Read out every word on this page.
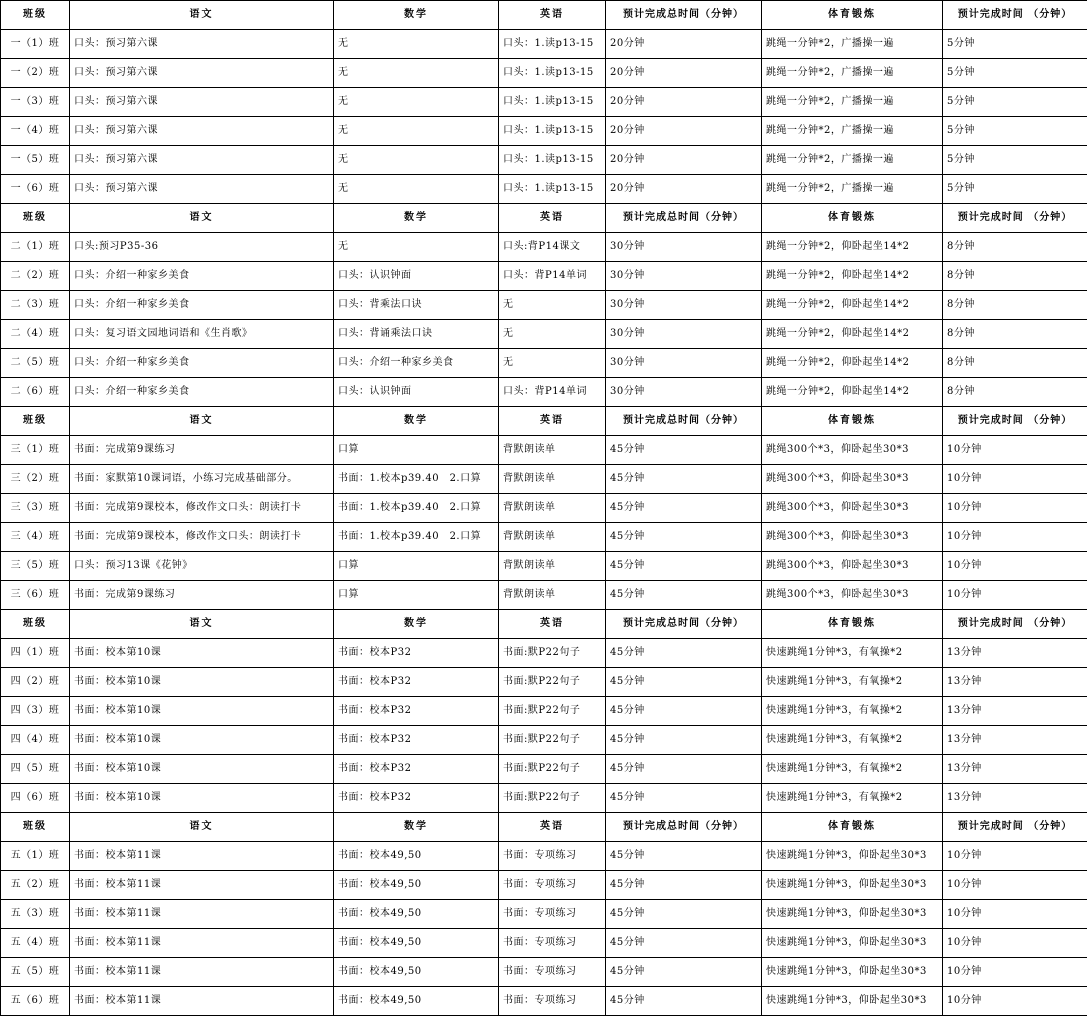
班级	语文	数学	英语	预计完成总时间（分钟）	体育锻炼	预计完成时间 （分钟）
一（1）班	口头：预习第六课	无	口头：1.读p13-15	20分钟	跳绳一分钟*2，广播操一遍	5分钟
一（2）班	口头：预习第六课	无	口头：1.读p13-15	20分钟	跳绳一分钟*2，广播操一遍	5分钟
一（3）班	口头：预习第六课	无	口头：1.读p13-15	20分钟	跳绳一分钟*2，广播操一遍	5分钟
一（4）班	口头：预习第六课	无	口头：1.读p13-15	20分钟	跳绳一分钟*2，广播操一遍	5分钟
一（5）班	口头：预习第六课	无	口头：1.读p13-15	20分钟	跳绳一分钟*2，广播操一遍	5分钟
一（6）班	口头：预习第六课	无	口头：1.读p13-15	20分钟	跳绳一分钟*2，广播操一遍	5分钟
班级	语文	数学	英语	预计完成总时间（分钟）	体育锻炼	预计完成时间 （分钟）
二（1）班	口头:预习P35-36	无	口头:背P14课文	30分钟	跳绳一分钟*2，仰卧起坐14*2	8分钟
二（2）班	口头：介绍一种家乡美食	口头：认识钟面	口头：背P14单词	30分钟	跳绳一分钟*2，仰卧起坐14*2	8分钟
二（3）班	口头：介绍一种家乡美食	口头：背乘法口诀	无	30分钟	跳绳一分钟*2，仰卧起坐14*2	8分钟
二（4）班	口头：复习语文园地词语和《生肖歌》	口头：背诵乘法口诀	无	30分钟	跳绳一分钟*2，仰卧起坐14*2	8分钟
二（5）班	口头：介绍一种家乡美食	口头：介绍一种家乡美食	无	30分钟	跳绳一分钟*2，仰卧起坐14*2	8分钟
二（6）班	口头：介绍一种家乡美食	口头：认识钟面	口头：背P14单词	30分钟	跳绳一分钟*2，仰卧起坐14*2	8分钟
班级	语文	数学	英语	预计完成总时间（分钟）	体育锻炼	预计完成时间 （分钟）
三（1）班	书面：完成第9课练习	口算	背默朗读单	45分钟	跳绳300个*3，仰卧起坐30*3	10分钟
三（2）班	书面：家默第10课词语，小练习完成基础部分。	书面：1.校本p39.40　2.口算	背默朗读单	45分钟	跳绳300个*3，仰卧起坐30*3	10分钟
三（3）班	书面：完成第9课校本，修改作文口头：朗读打卡	书面：1.校本p39.40　2.口算	背默朗读单	45分钟	跳绳300个*3，仰卧起坐30*3	10分钟
三（4）班	书面：完成第9课校本，修改作文口头：朗读打卡	书面：1.校本p39.40　2.口算	背默朗读单	45分钟	跳绳300个*3，仰卧起坐30*3	10分钟
三（5）班	口头：预习13课《花钟》	口算	背默朗读单	45分钟	跳绳300个*3，仰卧起坐30*3	10分钟
三（6）班	书面：完成第9课练习	口算	背默朗读单	45分钟	跳绳300个*3，仰卧起坐30*3	10分钟
班级	语文	数学	英语	预计完成总时间（分钟）	体育锻炼	预计完成时间 （分钟）
四（1）班	书面：校本第10课	书面：校本P32	书面:默P22句子	45分钟	快速跳绳1分钟*3，有氧操*2	13分钟
四（2）班	书面：校本第10课	书面：校本P32	书面:默P22句子	45分钟	快速跳绳1分钟*3，有氧操*2	13分钟
四（3）班	书面：校本第10课	书面：校本P32	书面:默P22句子	45分钟	快速跳绳1分钟*3，有氧操*2	13分钟
四（4）班	书面：校本第10课	书面：校本P32	书面:默P22句子	45分钟	快速跳绳1分钟*3，有氧操*2	13分钟
四（5）班	书面：校本第10课	书面：校本P32	书面:默P22句子	45分钟	快速跳绳1分钟*3，有氧操*2	13分钟
四（6）班	书面：校本第10课	书面：校本P32	书面:默P22句子	45分钟	快速跳绳1分钟*3，有氧操*2	13分钟
班级	语文	数学	英语	预计完成总时间（分钟）	体育锻炼	预计完成时间 （分钟）
五（1）班	书面：校本第11课	书面：校本49,50	书面：专项练习	45分钟	快速跳绳1分钟*3，仰卧起坐30*3	10分钟
五（2）班	书面：校本第11课	书面：校本49,50	书面：专项练习	45分钟	快速跳绳1分钟*3，仰卧起坐30*3	10分钟
五（3）班	书面：校本第11课	书面：校本49,50	书面：专项练习	45分钟	快速跳绳1分钟*3，仰卧起坐30*3	10分钟
五（4）班	书面：校本第11课	书面：校本49,50	书面：专项练习	45分钟	快速跳绳1分钟*3，仰卧起坐30*3	10分钟
五（5）班	书面：校本第11课	书面：校本49,50	书面：专项练习	45分钟	快速跳绳1分钟*3，仰卧起坐30*3	10分钟
五（6）班	书面：校本第11课	书面：校本49,50	书面：专项练习	45分钟	快速跳绳1分钟*3，仰卧起坐30*3	10分钟
